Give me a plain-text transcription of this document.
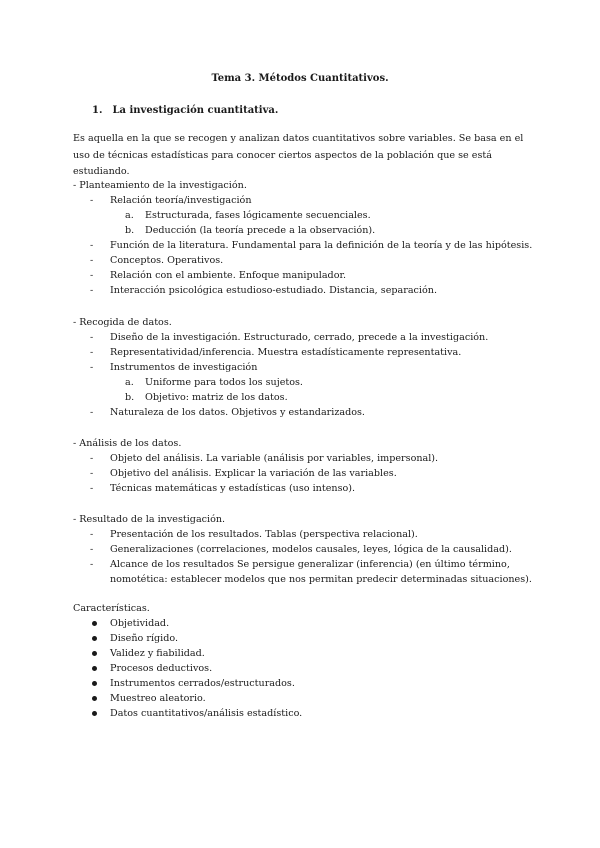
Tema 3. Métodos Cuantitativos.
1. La investigación cuantitativa.
Es aquella en la que se recogen y analizan datos cuantitativos sobre variables. Se basa en el uso de técnicas estadísticas para conocer ciertos aspectos de la población que se está estudiando.
- Planteamiento de la investigación.
- Relación teoría/investigación
a. Estructurada, fases lógicamente secuenciales.
b. Deducción (la teoría precede a la observación).
- Función de la literatura. Fundamental para la definición de la teoría y de las hipótesis.
- Conceptos. Operativos.
- Relación con el ambiente. Enfoque manipulador.
- Interacción psicológica estudioso-estudiado. Distancia, separación.
- Recogida de datos.
- Diseño de la investigación. Estructurado, cerrado, precede a la investigación.
- Representatividad/inferencia. Muestra estadísticamente representativa.
- Instrumentos de investigación
a. Uniforme para todos los sujetos.
b. Objetivo: matriz de los datos.
- Naturaleza de los datos. Objetivos y estandarizados.
- Análisis de los datos.
- Objeto del análisis. La variable (análisis por variables, impersonal).
- Objetivo del análisis. Explicar la variación de las variables.
- Técnicas matemáticas y estadísticas (uso intenso).
- Resultado de la investigación.
- Presentación de los resultados. Tablas (perspectiva relacional).
- Generalizaciones (correlaciones, modelos causales, leyes, lógica de la causalidad).
- Alcance de los resultados Se persigue generalizar (inferencia) (en último término, nomotética: establecer modelos que nos permitan predecir determinadas situaciones).
Características.
Objetividad.
Diseño rígido.
Validez y fiabilidad.
Procesos deductivos.
Instrumentos cerrados/estructurados.
Muestreo aleatorio.
Datos cuantitativos/análisis estadístico.
